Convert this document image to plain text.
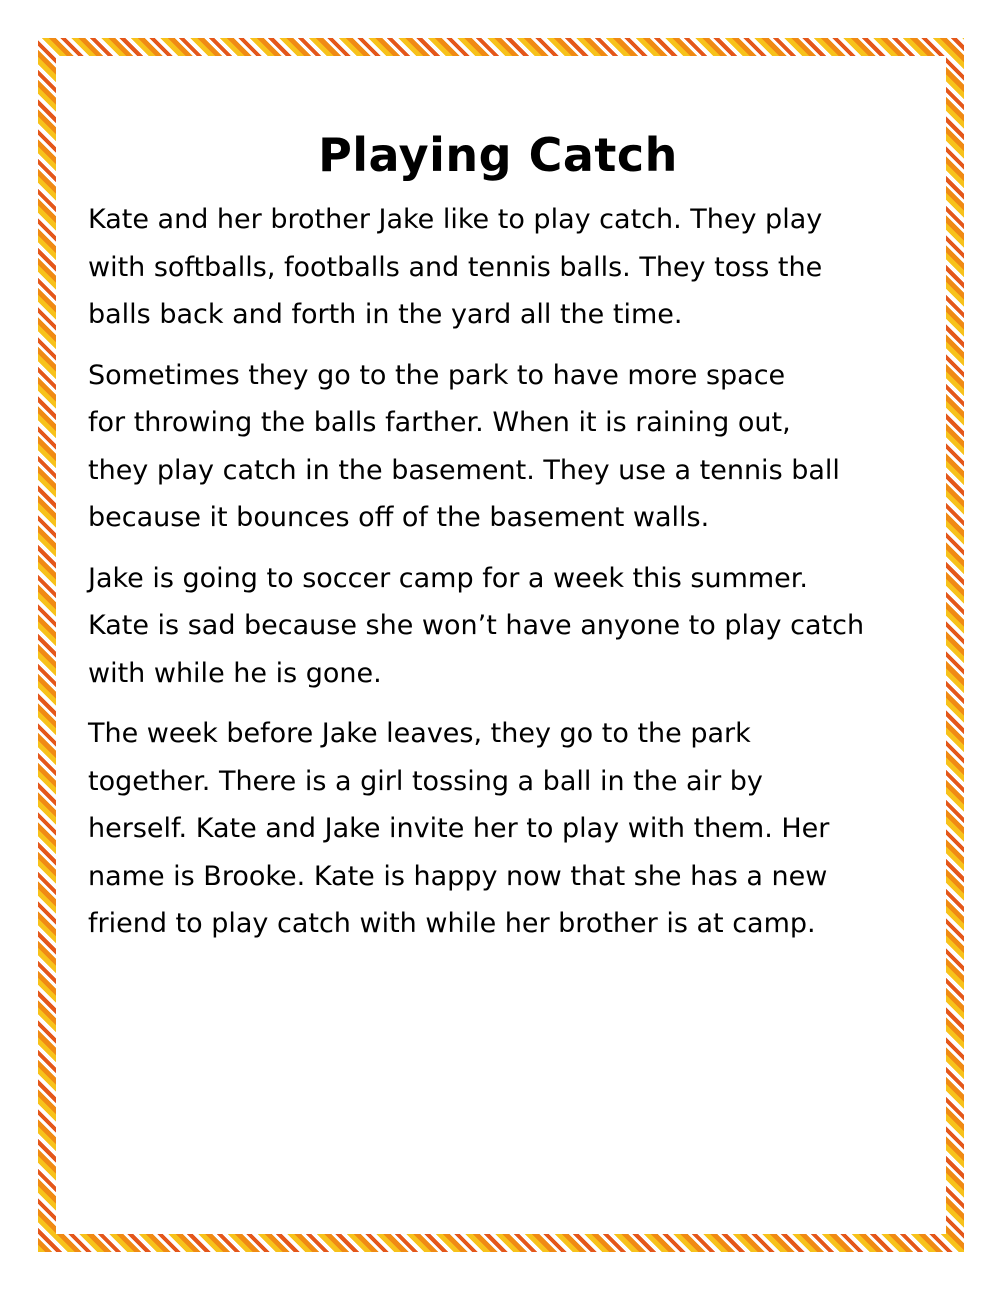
Playing Catch

Kate and her brother Jake like to play catch. They play
with softballs, footballs and tennis balls. They toss the
balls back and forth in the yard all the time.

Sometimes they go to the park to have more space
for throwing the balls farther. When it is raining out,
they play catch in the basement. They use a tennis ball
because it bounces off of the basement walls.

Jake is going to soccer camp for a week this summer.
Kate is sad because she won’t have anyone to play catch
with while he is gone.

The week before Jake leaves, they go to the park
together. There is a girl tossing a ball in the air by
herself. Kate and Jake invite her to play with them. Her
name is Brooke. Kate is happy now that she has a new
friend to play catch with while her brother is at camp.
